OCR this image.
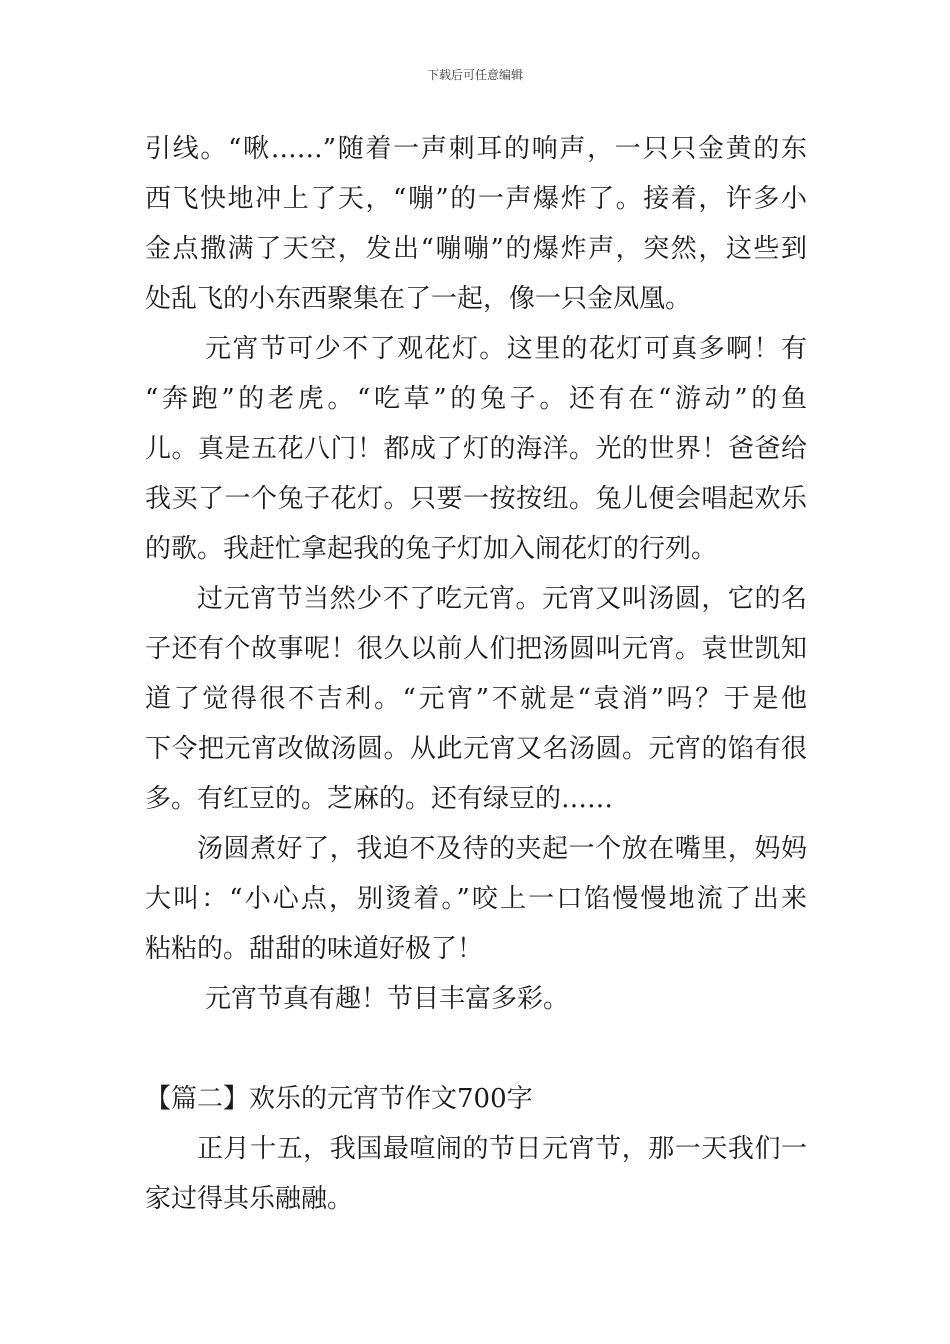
下载后可任意编辑
引线。“啾……”随着一声刺耳的响声，一只只金黄的东
西飞快地冲上了天，“嘣”的一声爆炸了。接着，许多小
金点撒满了天空，发出“嘣嘣”的爆炸声，突然，这些到
处乱飞的小东西聚集在了一起，像一只金凤凰。
元宵节可少不了观花灯。这里的花灯可真多啊！有
“奔跑”的老虎。“吃草”的兔子。还有在“游动”的鱼
儿。真是五花八门！都成了灯的海洋。光的世界！爸爸给
我买了一个兔子花灯。只要一按按纽。兔儿便会唱起欢乐
的歌。我赶忙拿起我的兔子灯加入闹花灯的行列。
过元宵节当然少不了吃元宵。元宵又叫汤圆，它的名
子还有个故事呢！很久以前人们把汤圆叫元宵。袁世凯知
道了觉得很不吉利。“元宵”不就是“袁消”吗？于是他
下令把元宵改做汤圆。从此元宵又名汤圆。元宵的馅有很
多。有红豆的。芝麻的。还有绿豆的……
汤圆煮好了，我迫不及待的夹起一个放在嘴里，妈妈
大叫：“小心点，别烫着。”咬上一口馅慢慢地流了出来
粘粘的。甜甜的味道好极了！
元宵节真有趣！节目丰富多彩。
【篇二】欢乐的元宵节作文700字
正月十五，我国最喧闹的节日元宵节，那一天我们一
家过得其乐融融。
